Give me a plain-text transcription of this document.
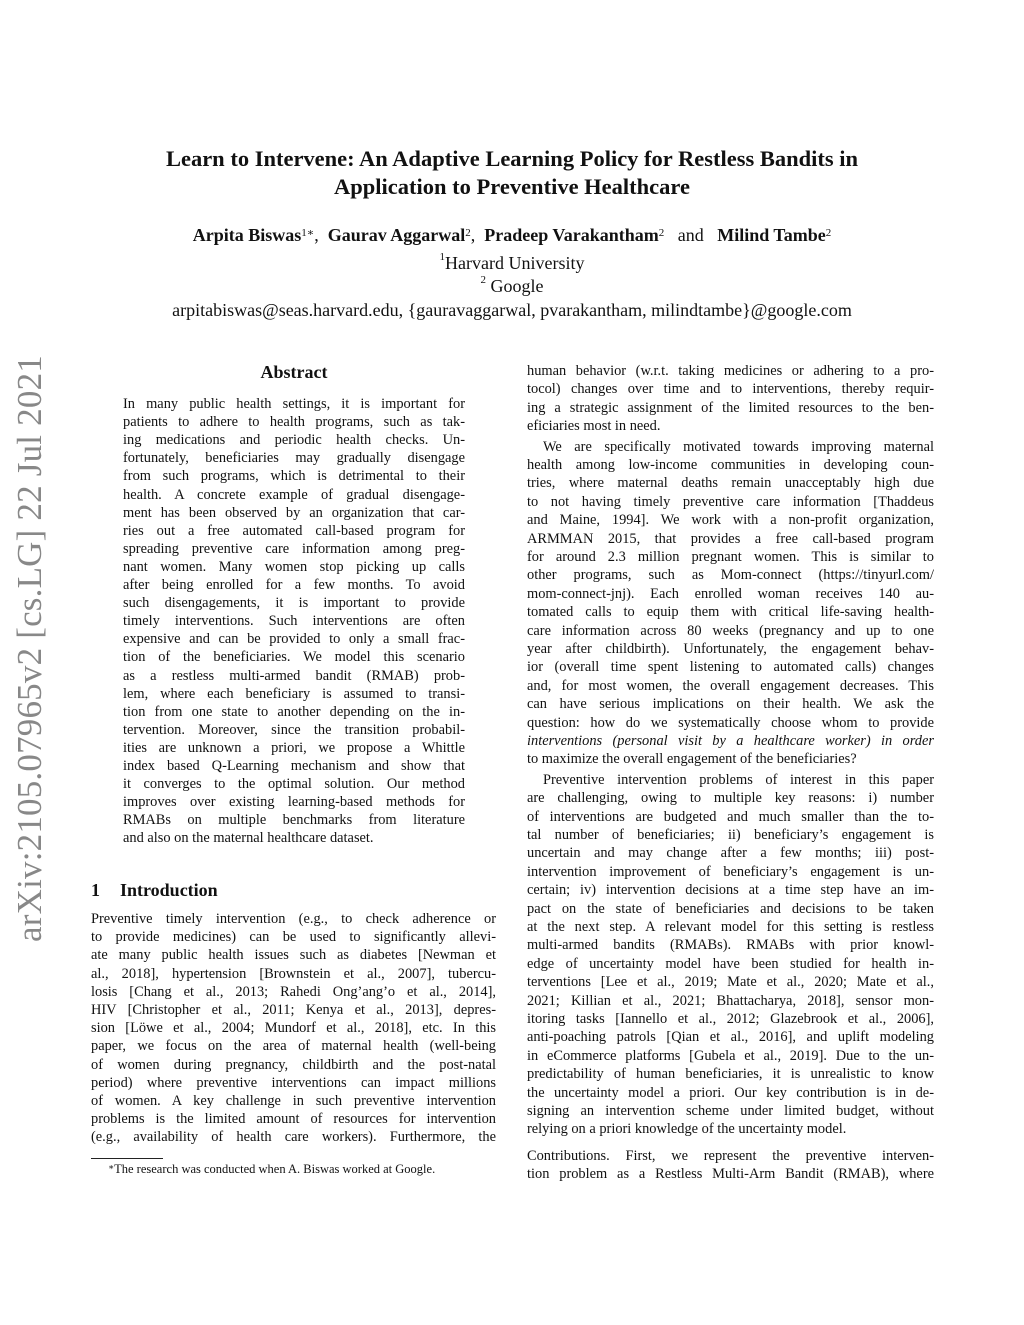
arXiv:2105.07965v2 [cs.LG] 22 Jul 2021
Learn to Intervene: An Adaptive Learning Policy for Restless Bandits in
Application to Preventive Healthcare
Arpita Biswas$^{1∗}$, Gaurav Aggarwal$^2$, Pradeep Varakantham$^2$ and Milind Tambe$^2$
$^1$Harvard University
$^2$ Google
arpitabiswas@seas.harvard.edu, {gauravaggarwal, pvarakantham, milindtambe}@google.com
Abstract
In many public health settings, it is important for
patients to adhere to health programs, such as tak-
ing medications and periodic health checks. Un-
fortunately, beneficiaries may gradually disengage
from such programs, which is detrimental to their
health. A concrete example of gradual disengage-
ment has been observed by an organization that car-
ries out a free automated call-based program for
spreading preventive care information among preg-
nant women. Many women stop picking up calls
after being enrolled for a few months. To avoid
such disengagements, it is important to provide
timely interventions. Such interventions are often
expensive and can be provided to only a small frac-
tion of the beneficiaries. We model this scenario
as a restless multi-armed bandit (RMAB) prob-
lem, where each beneficiary is assumed to transi-
tion from one state to another depending on the in-
tervention. Moreover, since the transition probabil-
ities are unknown a priori, we propose a Whittle
index based Q-Learning mechanism and show that
it converges to the optimal solution. Our method
improves over existing learning-based methods for
RMABs on multiple benchmarks from literature
and also on the maternal healthcare dataset.
1 Introduction
Preventive timely intervention (e.g., to check adherence or
to provide medicines) can be used to significantly allevi-
ate many public health issues such as diabetes [Newman et
al., 2018], hypertension [Brownstein et al., 2007], tubercu-
losis [Chang et al., 2013; Rahedi Ong’ang’o et al., 2014],
HIV [Christopher et al., 2011; Kenya et al., 2013], depres-
sion [Löwe et al., 2004; Mundorf et al., 2018], etc. In this
paper, we focus on the area of maternal health (well-being
of women during pregnancy, childbirth and the post-natal
period) where preventive interventions can impact millions
of women. A key challenge in such preventive intervention
problems is the limited amount of resources for intervention
(e.g., availability of health care workers). Furthermore, the
∗The research was conducted when A. Biswas worked at Google.
human behavior (w.r.t. taking medicines or adhering to a pro-
tocol) changes over time and to interventions, thereby requir-
ing a strategic assignment of the limited resources to the ben-
eficiaries most in need.
We are specifically motivated towards improving maternal
health among low-income communities in developing coun-
tries, where maternal deaths remain unacceptably high due
to not having timely preventive care information [Thaddeus
and Maine, 1994]. We work with a non-profit organization,
ARMMAN 2015, that provides a free call-based program
for around 2.3 million pregnant women. This is similar to
other programs, such as Mom-connect (https://tinyurl.com/
mom-connect-jnj). Each enrolled woman receives 140 au-
tomated calls to equip them with critical life-saving health-
care information across 80 weeks (pregnancy and up to one
year after childbirth). Unfortunately, the engagement behav-
ior (overall time spent listening to automated calls) changes
and, for most women, the overall engagement decreases. This
can have serious implications on their health. We ask the
question: how do we systematically choose whom to provide
interventions (personal visit by a healthcare worker) in order
to maximize the overall engagement of the beneficiaries?
Preventive intervention problems of interest in this paper
are challenging, owing to multiple key reasons: i) number
of interventions are budgeted and much smaller than the to-
tal number of beneficiaries; ii) beneficiary’s engagement is
uncertain and may change after a few months; iii) post-
intervention improvement of beneficiary’s engagement is un-
certain; iv) intervention decisions at a time step have an im-
pact on the state of beneficiaries and decisions to be taken
at the next step. A relevant model for this setting is restless
multi-armed bandits (RMABs). RMABs with prior knowl-
edge of uncertainty model have been studied for health in-
terventions [Lee et al., 2019; Mate et al., 2020; Mate et al.,
2021; Killian et al., 2021; Bhattacharya, 2018], sensor mon-
itoring tasks [Iannello et al., 2012; Glazebrook et al., 2006],
anti-poaching patrols [Qian et al., 2016], and uplift modeling
in eCommerce platforms [Gubela et al., 2019]. Due to the un-
predictability of human beneficiaries, it is unrealistic to know
the uncertainty model a priori. Our key contribution is in de-
signing an intervention scheme under limited budget, without
relying on a priori knowledge of the uncertainty model.
Contributions. First, we represent the preventive interven-
tion problem as a Restless Multi-Arm Bandit (RMAB), where
